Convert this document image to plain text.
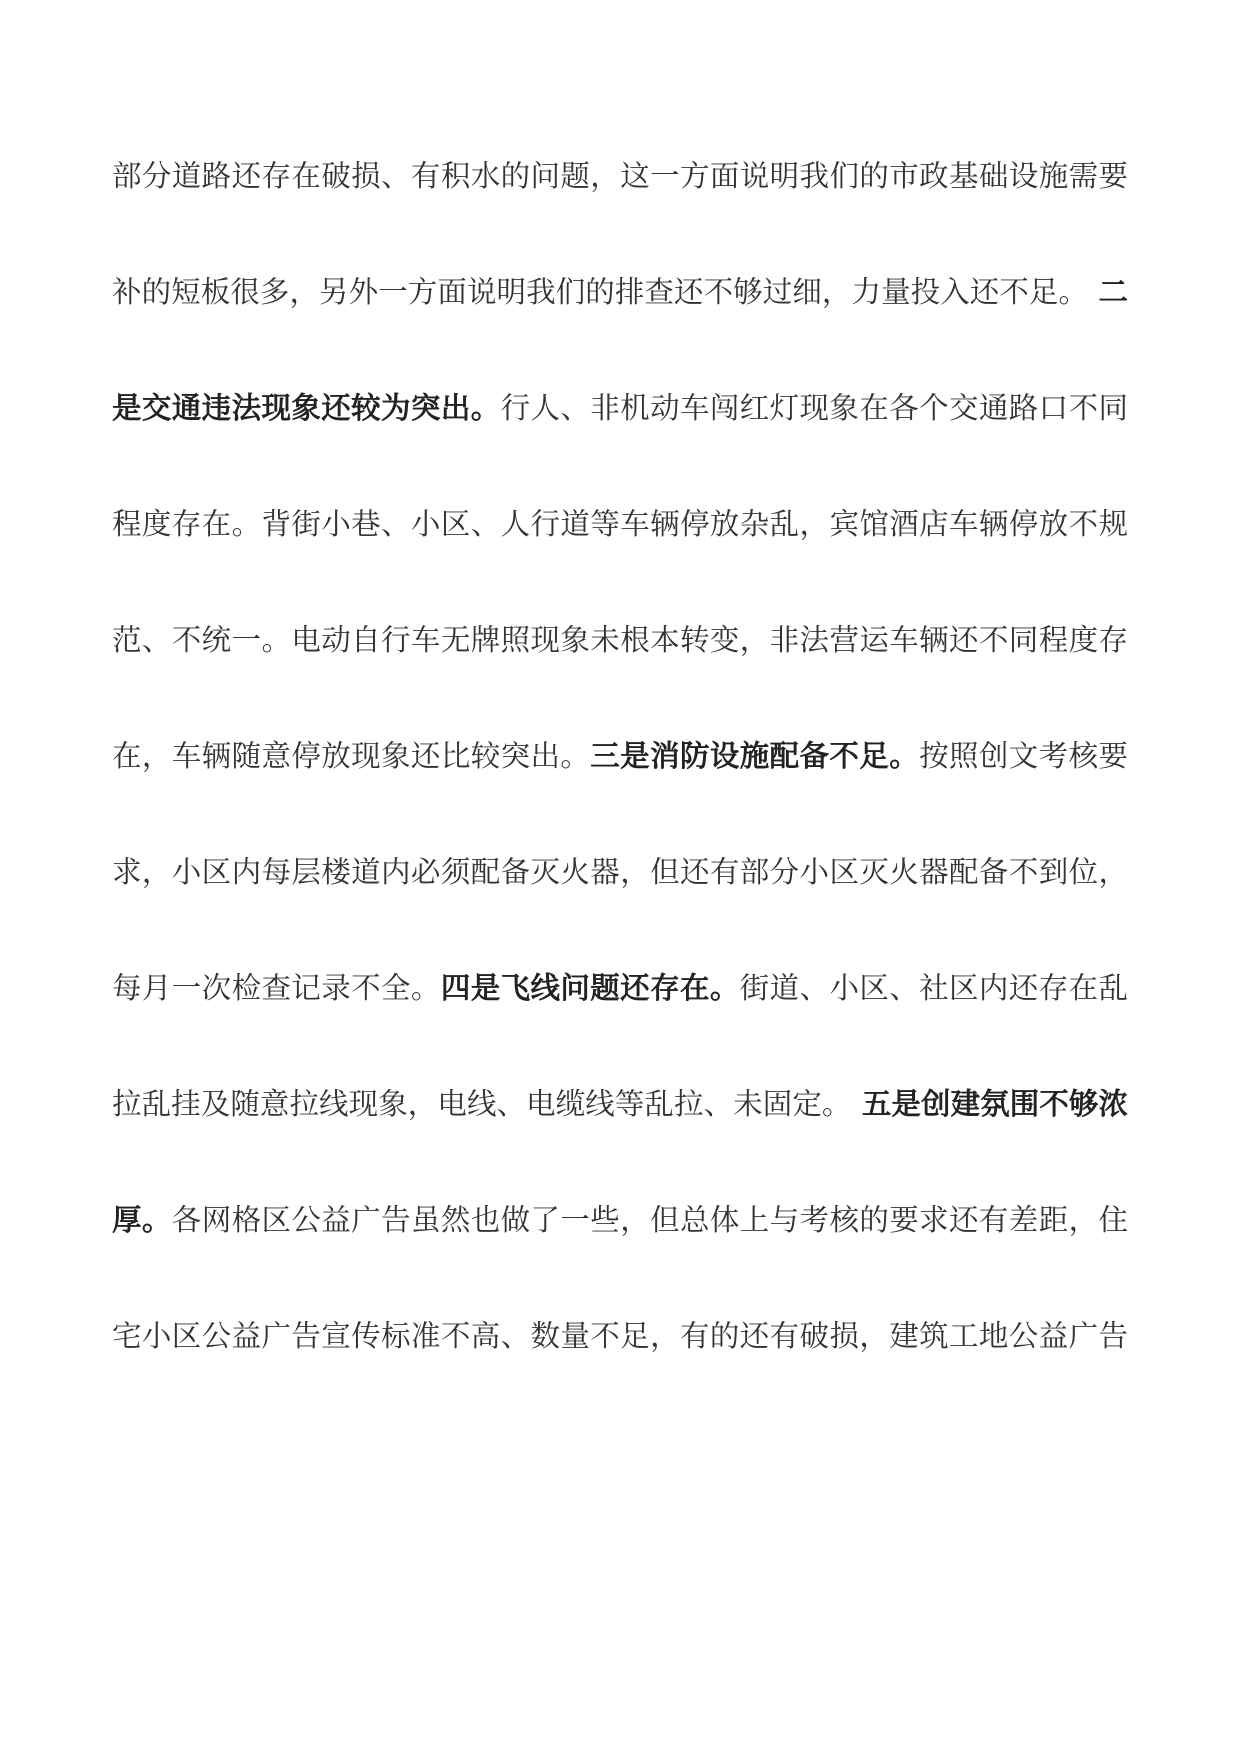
部分道路还存在破损、有积水的问题，这一方面说明我们的市政基础设施需要
补的短板很多，另外一方面说明我们的排查还不够过细，力量投入还不足。 二
是交通违法现象还较为突出。行人、非机动车闯红灯现象在各个交通路口不同
程度存在。背街小巷、小区、人行道等车辆停放杂乱，宾馆酒店车辆停放不规
范、不统一。电动自行车无牌照现象未根本转变，非法营运车辆还不同程度存
在，车辆随意停放现象还比较突出。三是消防设施配备不足。按照创文考核要
求，小区内每层楼道内必须配备灭火器，但还有部分小区灭火器配备不到位，
每月一次检查记录不全。四是飞线问题还存在。街道、小区、社区内还存在乱
拉乱挂及随意拉线现象，电线、电缆线等乱拉、未固定。 五是创建氛围不够浓
厚。各网格区公益广告虽然也做了一些，但总体上与考核的要求还有差距，住
宅小区公益广告宣传标准不高、数量不足，有的还有破损，建筑工地公益广告
